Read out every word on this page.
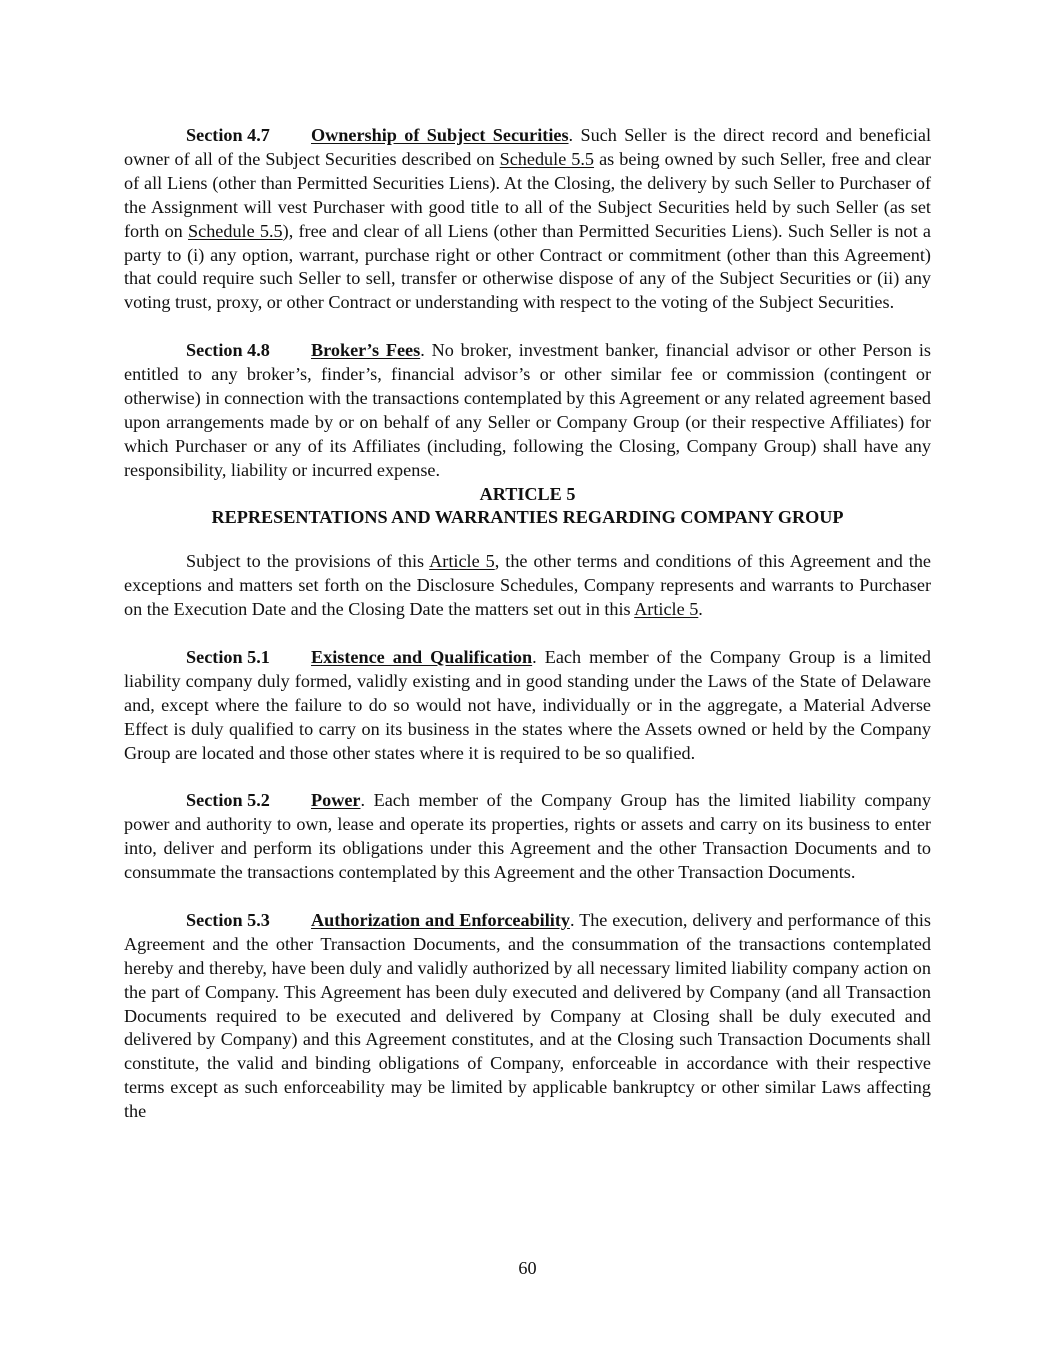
Section 4.7 Ownership of Subject Securities. Such Seller is the direct record and beneficial owner of all of the Subject Securities described on Schedule 5.5 as being owned by such Seller, free and clear of all Liens (other than Permitted Securities Liens). At the Closing, the delivery by such Seller to Purchaser of the Assignment will vest Purchaser with good title to all of the Subject Securities held by such Seller (as set forth on Schedule 5.5), free and clear of all Liens (other than Permitted Securities Liens). Such Seller is not a party to (i) any option, warrant, purchase right or other Contract or commitment (other than this Agreement) that could require such Seller to sell, transfer or otherwise dispose of any of the Subject Securities or (ii) any voting trust, proxy, or other Contract or understanding with respect to the voting of the Subject Securities.

Section 4.8 Broker’s Fees. No broker, investment banker, financial advisor or other Person is entitled to any broker’s, finder’s, financial advisor’s or other similar fee or commission (contingent or otherwise) in connection with the transactions contemplated by this Agreement or any related agreement based upon arrangements made by or on behalf of any Seller or Company Group (or their respective Affiliates) for which Purchaser or any of its Affiliates (including, following the Closing, Company Group) shall have any responsibility, liability or incurred expense.

ARTICLE 5
REPRESENTATIONS AND WARRANTIES REGARDING COMPANY GROUP

Subject to the provisions of this Article 5, the other terms and conditions of this Agreement and the exceptions and matters set forth on the Disclosure Schedules, Company represents and warrants to Purchaser on the Execution Date and the Closing Date the matters set out in this Article 5.

Section 5.1 Existence and Qualification. Each member of the Company Group is a limited liability company duly formed, validly existing and in good standing under the Laws of the State of Delaware and, except where the failure to do so would not have, individually or in the aggregate, a Material Adverse Effect is duly qualified to carry on its business in the states where the Assets owned or held by the Company Group are located and those other states where it is required to be so qualified.

Section 5.2 Power. Each member of the Company Group has the limited liability company power and authority to own, lease and operate its properties, rights or assets and carry on its business to enter into, deliver and perform its obligations under this Agreement and the other Transaction Documents and to consummate the transactions contemplated by this Agreement and the other Transaction Documents.

Section 5.3 Authorization and Enforceability. The execution, delivery and performance of this Agreement and the other Transaction Documents, and the consummation of the transactions contemplated hereby and thereby, have been duly and validly authorized by all necessary limited liability company action on the part of Company. This Agreement has been duly executed and delivered by Company (and all Transaction Documents required to be executed and delivered by Company at Closing shall be duly executed and delivered by Company) and this Agreement constitutes, and at the Closing such Transaction Documents shall constitute, the valid and binding obligations of Company, enforceable in accordance with their respective terms except as such enforceability may be limited by applicable bankruptcy or other similar Laws affecting the

60
